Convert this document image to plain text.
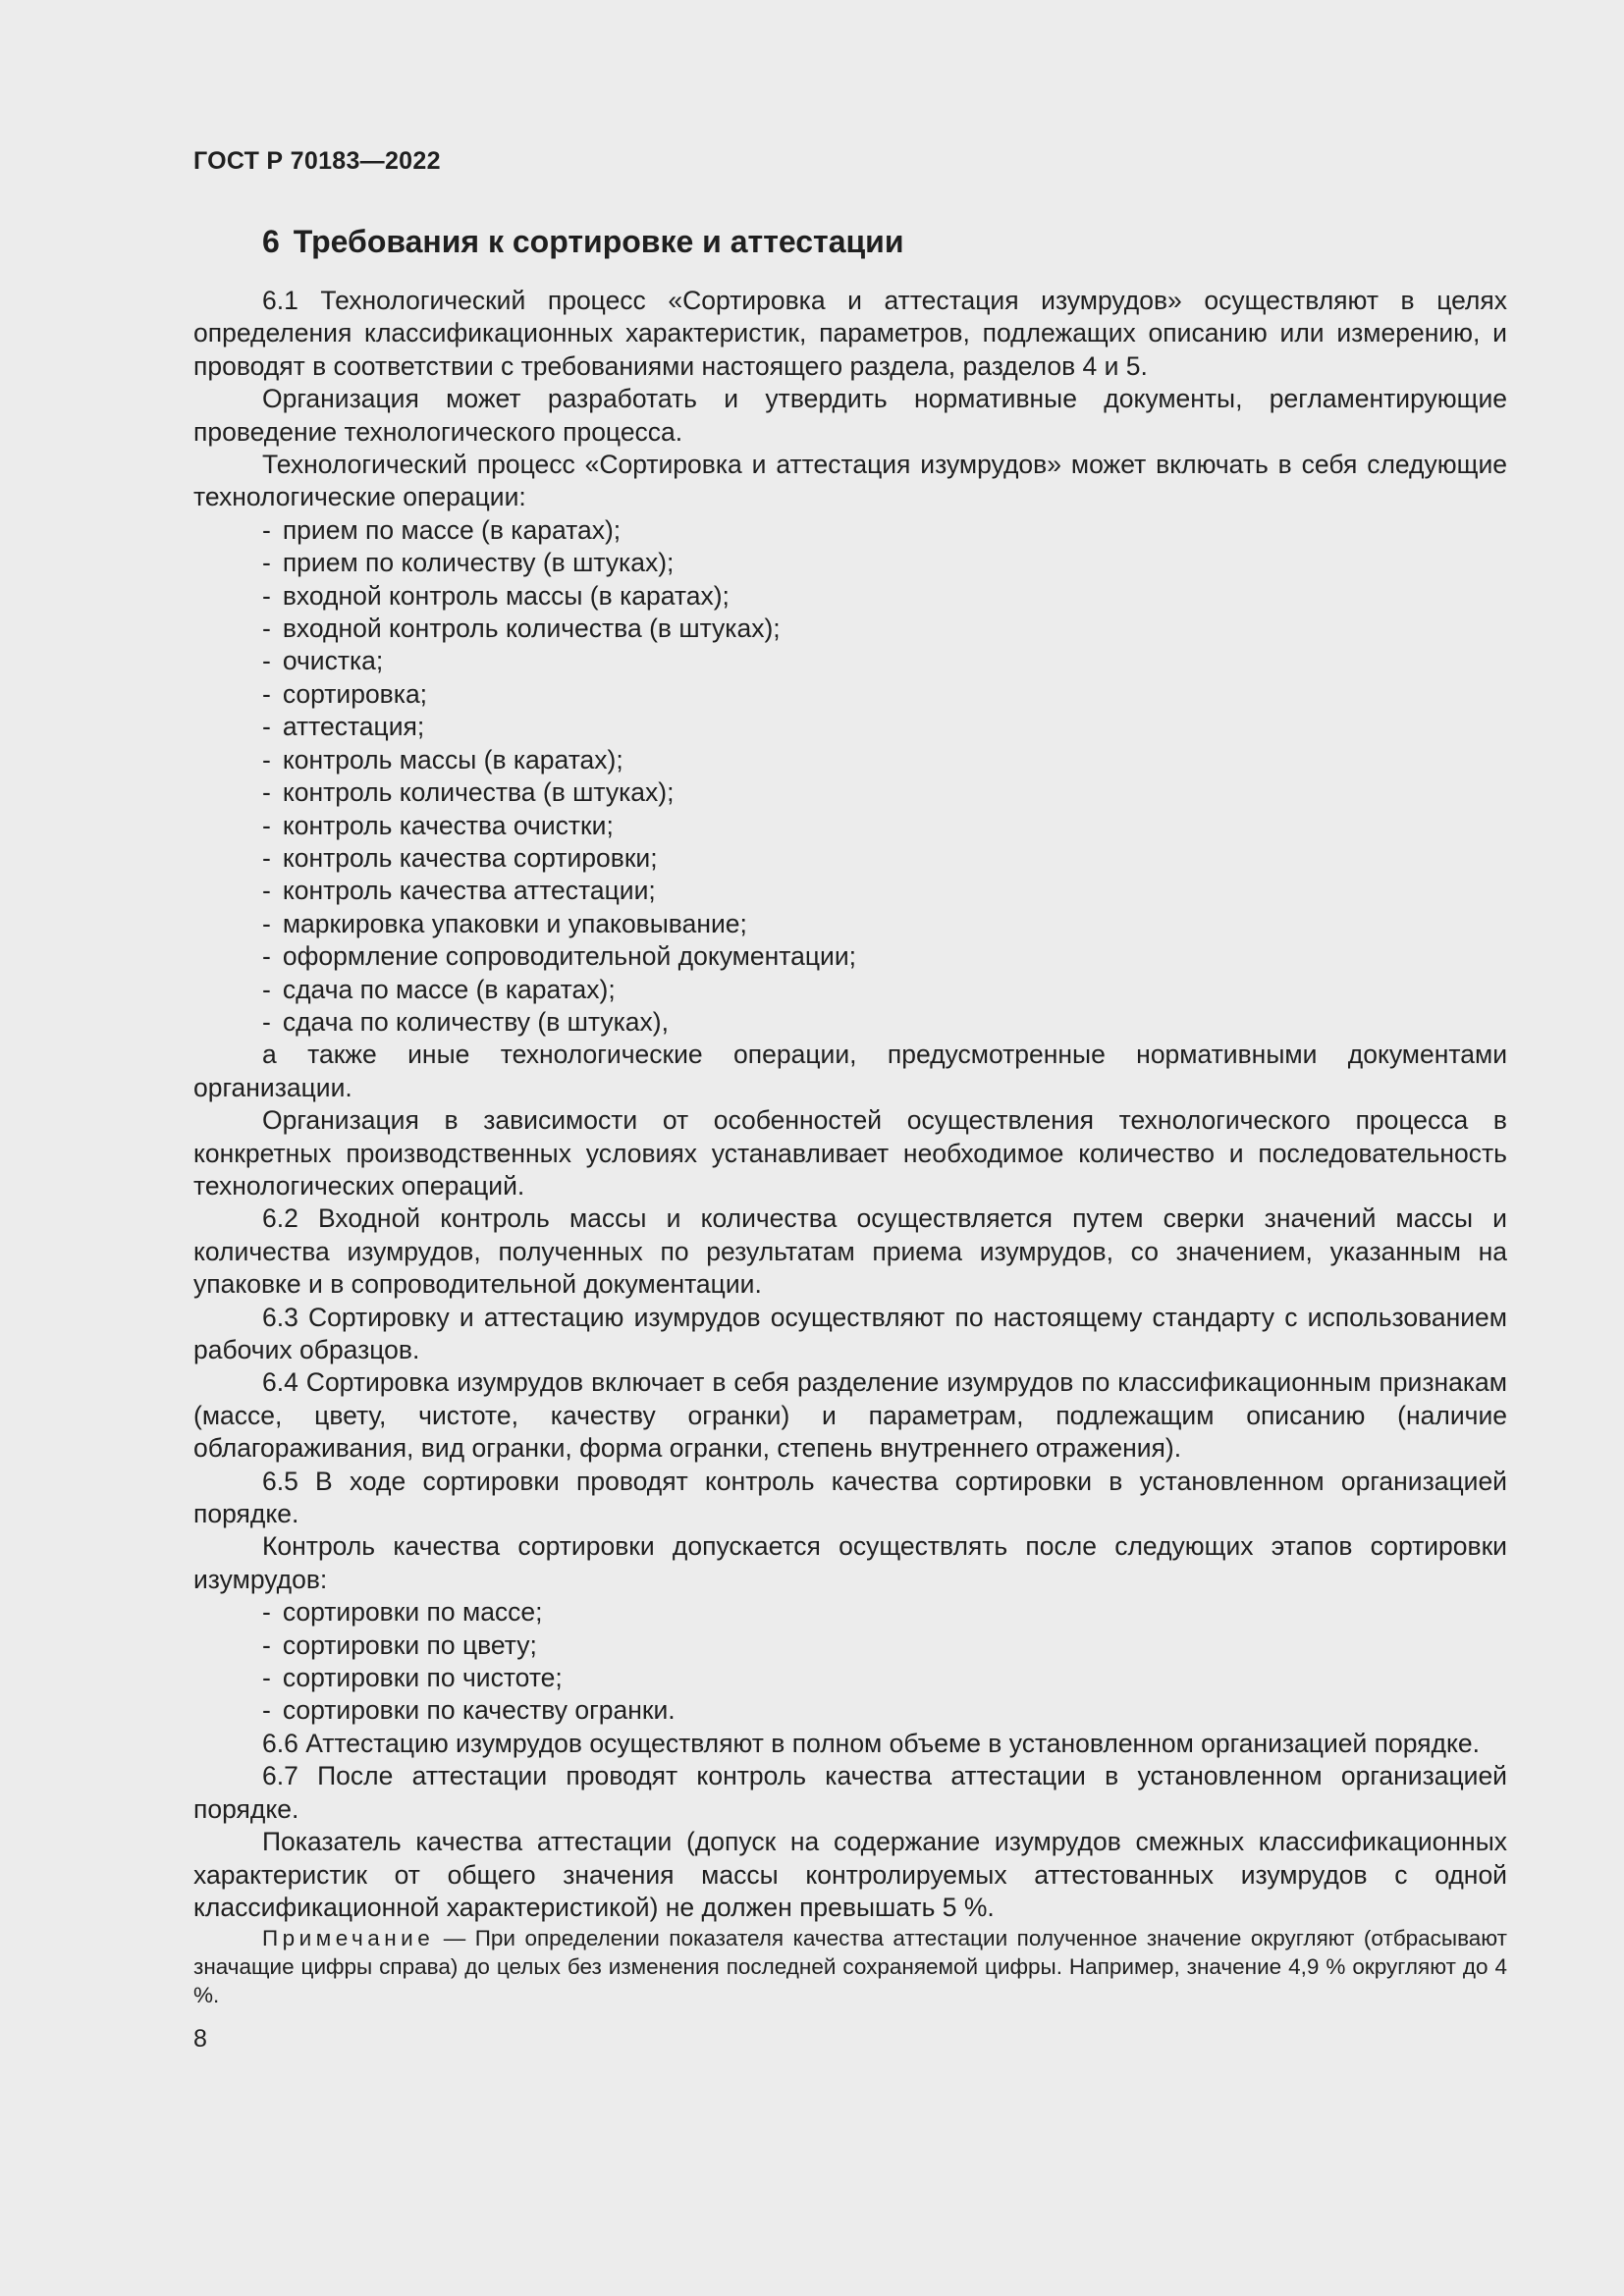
ГОСТ Р 70183—2022
6 Требования к сортировке и аттестации

6.1 Технологический процесс «Сортировка и аттестация изумрудов» осуществляют в целях определения классификационных характеристик, параметров, подлежащих описанию или измерению, и проводят в соответствии с требованиями настоящего раздела, разделов 4 и 5.

Организация может разработать и утвердить нормативные документы, регламентирующие проведение технологического процесса.

Технологический процесс «Сортировка и аттестация изумрудов» может включать в себя следующие технологические операции:

- прием по массе (в каратах);
- прием по количеству (в штуках);
- входной контроль массы (в каратах);
- входной контроль количества (в штуках);
- очистка;
- сортировка;
- аттестация;
- контроль массы (в каратах);
- контроль количества (в штуках);
- контроль качества очистки;
- контроль качества сортировки;
- контроль качества аттестации;
- маркировка упаковки и упаковывание;
- оформление сопроводительной документации;
- сдача по массе (в каратах);
- сдача по количеству (в штуках),

а также иные технологические операции, предусмотренные нормативными документами организации.

Организация в зависимости от особенностей осуществления технологического процесса в конкретных производственных условиях устанавливает необходимое количество и последовательность технологических операций.

6.2 Входной контроль массы и количества осуществляется путем сверки значений массы и количества изумрудов, полученных по результатам приема изумрудов, со значением, указанным на упаковке и в сопроводительной документации.

6.3 Сортировку и аттестацию изумрудов осуществляют по настоящему стандарту с использованием рабочих образцов.

6.4 Сортировка изумрудов включает в себя разделение изумрудов по классификационным признакам (массе, цвету, чистоте, качеству огранки) и параметрам, подлежащим описанию (наличие облагораживания, вид огранки, форма огранки, степень внутреннего отражения).

6.5 В ходе сортировки проводят контроль качества сортировки в установленном организацией порядке.

Контроль качества сортировки допускается осуществлять после следующих этапов сортировки изумрудов:

- сортировки по массе;
- сортировки по цвету;
- сортировки по чистоте;
- сортировки по качеству огранки.

6.6 Аттестацию изумрудов осуществляют в полном объеме в установленном организацией порядке.

6.7 После аттестации проводят контроль качества аттестации в установленном организацией порядке.

Показатель качества аттестации (допуск на содержание изумрудов смежных классификационных характеристик от общего значения массы контролируемых аттестованных изумрудов с одной классификационной характеристикой) не должен превышать 5 %.

Примечание — При определении показателя качества аттестации полученное значение округляют (отбрасывают значащие цифры справа) до целых без изменения последней сохраняемой цифры. Например, значение 4,9 % округляют до 4 %.

8
